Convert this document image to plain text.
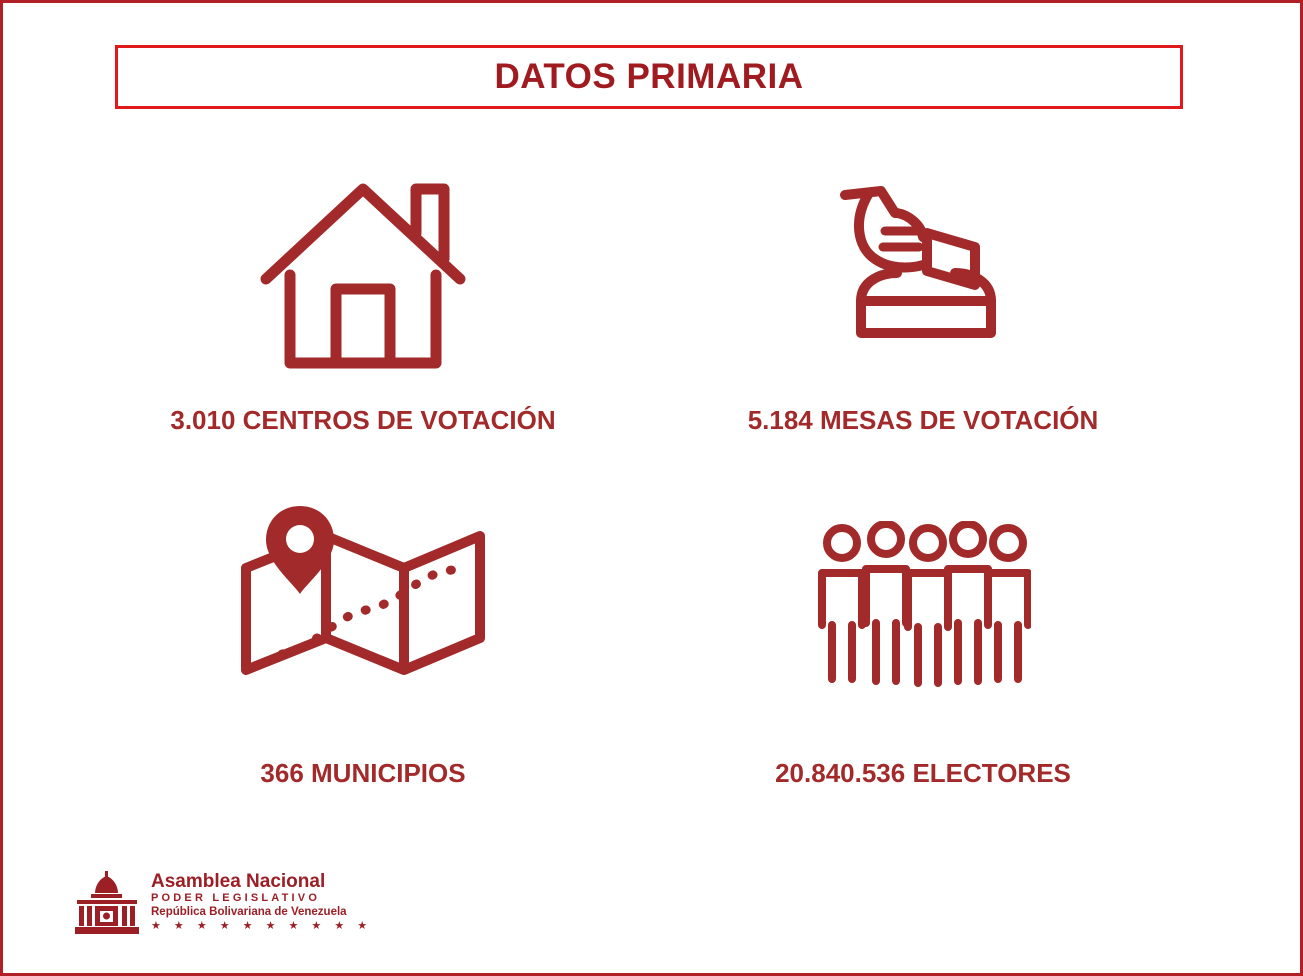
DATOS PRIMARIA
3.010 CENTROS DE VOTACIÓN	5.184 MESAS DE VOTACIÓN
366 MUNICIPIOS	20.840.536 ELECTORES
Asamblea Nacional
PODER LEGISLATIVO
República Bolivariana de Venezuela
★ ★ ★ ★ ★ ★ ★ ★ ★ ★
